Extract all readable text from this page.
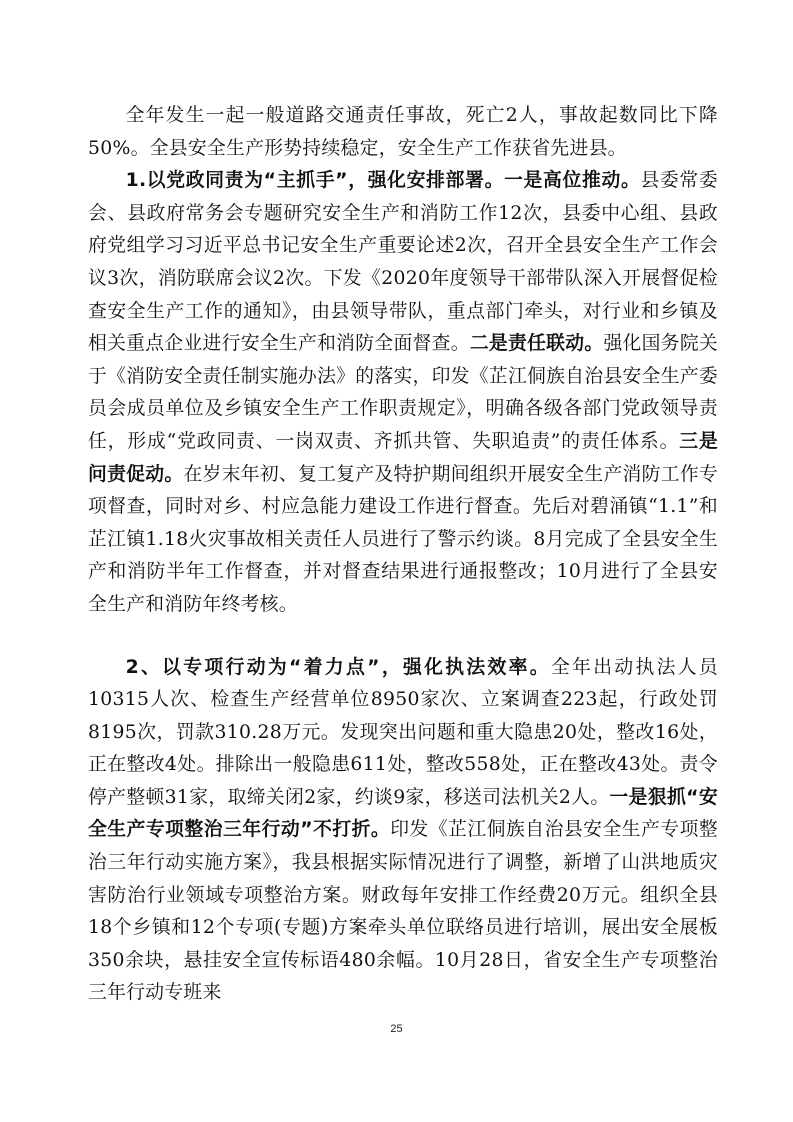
全年发生一起一般道路交通责任事故，死亡2人，事故起数同比下降50%。全县安全生产形势持续稳定，安全生产工作获省先进县。

1.以党政同责为“主抓手”，强化安排部署。一是高位推动。县委常委会、县政府常务会专题研究安全生产和消防工作12次，县委中心组、县政府党组学习习近平总书记安全生产重要论述2次，召开全县安全生产工作会议3次，消防联席会议2次。下发《2020年度领导干部带队深入开展督促检查安全生产工作的通知》，由县领导带队，重点部门牵头，对行业和乡镇及相关重点企业进行安全生产和消防全面督查。二是责任联动。强化国务院关于《消防安全责任制实施办法》的落实，印发《芷江侗族自治县安全生产委员会成员单位及乡镇安全生产工作职责规定》，明确各级各部门党政领导责任，形成“党政同责、一岗双责、齐抓共管、失职追责”的责任体系。三是问责促动。在岁末年初、复工复产及特护期间组织开展安全生产消防工作专项督查，同时对乡、村应急能力建设工作进行督查。先后对碧涌镇“1.1”和芷江镇1.18火灾事故相关责任人员进行了警示约谈。8月完成了全县安全生产和消防半年工作督查，并对督查结果进行通报整改；10月进行了全县安全生产和消防年终考核。

2、以专项行动为“着力点”，强化执法效率。全年出动执法人员10315人次、检查生产经营单位8950家次、立案调查223起，行政处罚8195次，罚款310.28万元。发现突出问题和重大隐患20处，整改16处，正在整改4处。排除出一般隐患611处，整改558处，正在整改43处。责令停产整顿31家，取缔关闭2家，约谈9家，移送司法机关2人。一是狠抓“安全生产专项整治三年行动”不打折。印发《芷江侗族自治县安全生产专项整治三年行动实施方案》，我县根据实际情况进行了调整，新增了山洪地质灾害防治行业领域专项整治方案。财政每年安排工作经费20万元。组织全县18个乡镇和12个专项(专题)方案牵头单位联络员进行培训，展出安全展板350余块，悬挂安全宣传标语480余幅。10月28日，省安全生产专项整治三年行动专班来

25
